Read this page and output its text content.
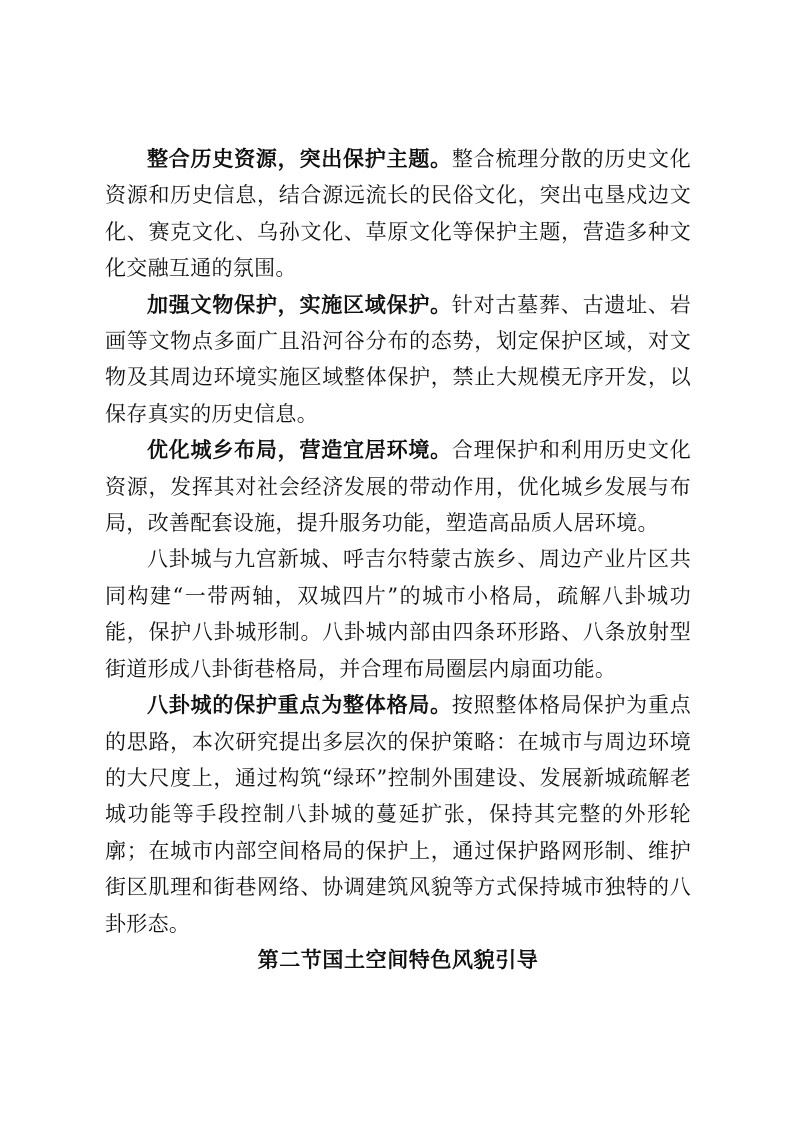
整合历史资源，突出保护主题。整合梳理分散的历史文化资源和历史信息，结合源远流长的民俗文化，突出屯垦戍边文化、赛克文化、乌孙文化、草原文化等保护主题，营造多种文化交融互通的氛围。

加强文物保护，实施区域保护。针对古墓葬、古遗址、岩画等文物点多面广且沿河谷分布的态势，划定保护区域，对文物及其周边环境实施区域整体保护，禁止大规模无序开发，以保存真实的历史信息。

优化城乡布局，营造宜居环境。合理保护和利用历史文化资源，发挥其对社会经济发展的带动作用，优化城乡发展与布局，改善配套设施，提升服务功能，塑造高品质人居环境。

八卦城与九宫新城、呼吉尔特蒙古族乡、周边产业片区共同构建“一带两轴，双城四片”的城市小格局，疏解八卦城功能，保护八卦城形制。八卦城内部由四条环形路、八条放射型街道形成八卦街巷格局，并合理布局圈层内扇面功能。

八卦城的保护重点为整体格局。按照整体格局保护为重点的思路，本次研究提出多层次的保护策略：在城市与周边环境的大尺度上，通过构筑“绿环”控制外围建设、发展新城疏解老城功能等手段控制八卦城的蔓延扩张，保持其完整的外形轮廓；在城市内部空间格局的保护上，通过保护路网形制、维护街区肌理和街巷网络、协调建筑风貌等方式保持城市独特的八卦形态。

第二节国土空间特色风貌引导
